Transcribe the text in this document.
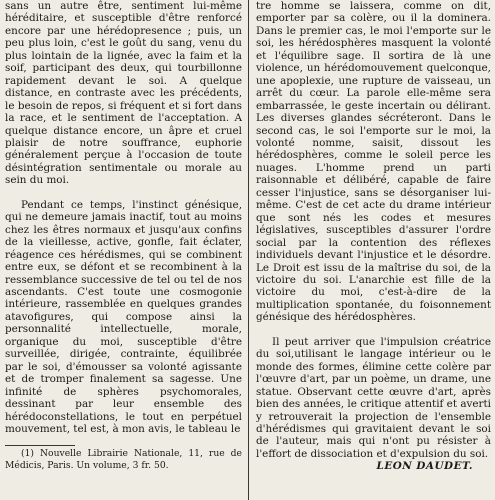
sans un autre être, sentiment lui-même héréditaire, et susceptible d'être renforcé encore par une hérédopresence ; puis, un peu plus loin, c'est le goût du sang, venu du plus lointain de la lignée, avec la faim et la soif, participant des deux, qui tourbillonne rapidement devant le soi. A quelque distance, en contraste avec les précédents, le besoin de repos, si fréquent et si fort dans la race, et le sentiment de l'acceptation. A quelque distance encore, un âpre et cruel plaisir de notre souffrance, euphorie généralement perçue à l'occasion de toute désintégration sentimentale ou morale au sein du moi.

Pendant ce temps, l'instinct génésique, qui ne demeure jamais inactif, tout au moins chez les êtres normaux et jusqu'aux confins de la vieillesse, active, gonfle, fait éclater, réagence ces hérédismes, qui se combinent entre eux, se défont et se recombinent à la ressemblance successive de tel ou tel de nos ascendants. C'est toute une cosmogonie intérieure, rassemblée en quelques grandes atavofigures, qui compose ainsi la personnalité intellectuelle, morale, organique du moi, susceptible d'être surveillée, dirigée, contrainte, équilibrée par le soi, d'émousser sa volonté agissante et de tromper finalement sa sagesse. Une infinité de sphères psychomorales, dessinant par leur ensemble des hérédoconstellations, le tout en perpétuel mouvement, tel est, à mon avis, le tableau le

(1) Nouvelle Librairie Nationale, 11, rue de Médicis, Paris. Un volume, 3 fr. 50.

tre homme se laissera, comme on dit, emporter par sa colère, ou il la dominera. Dans le premier cas, le moi l'emporte sur le soi, les hérédosphères masquent la volonté et l'équilibre sage. Il sortira de là une violence, un hérédomouvement quelconque, une apoplexie, une rupture de vaisseau, un arrêt du cœur. La parole elle-même sera embarrassée, le geste incertain ou délirant. Les diverses glandes sécréteront. Dans le second cas, le soi l'emporte sur le moi, la volonté nomme, saisit, dissout les hérédosphères, comme le soleil perce les nuages. L'homme prend un parti raisonnable et délibéré, capable de faire cesser l'injustice, sans se désorganiser lui-même. C'est de cet acte du drame intérieur que sont nés les codes et mesures législatives, susceptibles d'assurer l'ordre social par la contention des réflexes individuels devant l'injustice et le désordre. Le Droit est issu de la maîtrise du soi, de la victoire du soi. L'anarchie est fille de la victoire du moi, c'est-à-dire de la multiplication spontanée, du foisonnement génésique des hérédosphères.

Il peut arriver que l'impulsion créatrice du soi,utilisant le langage intérieur ou le monde des formes, élimine cette colère par l'œuvre d'art, par un poème, un drame, une statue. Observant cette œuvre d'art, après bien des années, le critique attentif et averti y retrouverait la projection de l'ensemble d'hérédismes qui gravitaient devant le soi de l'auteur, mais qui n'ont pu résister à l'effort de dissociation et d'expulsion du soi.

LEON DAUDET.
